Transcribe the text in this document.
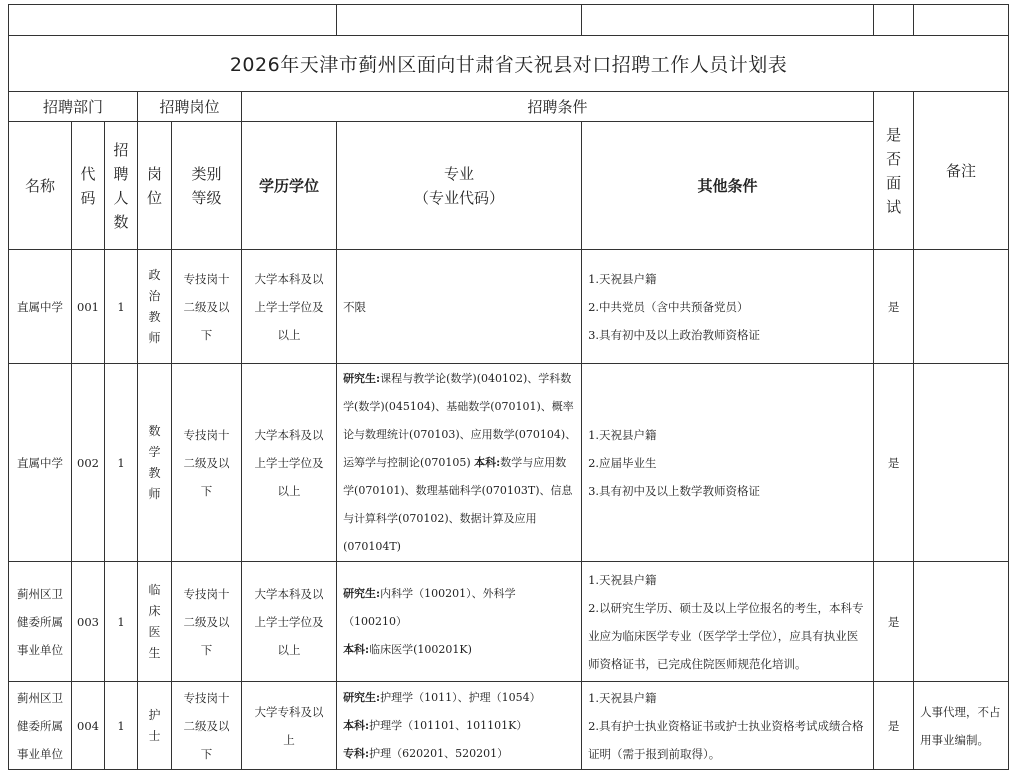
2026年天津市蓟州区面向甘肃省天祝县对口招聘工作人员计划表									
招聘部门			招聘岗位		招聘条件			是否面试	备注
名称	代码	招聘人数	岗位	类别等级	学历学位	专业
（专业代码）	其他条件		
直属中学	001	1	政治教师	专技岗十二级及以下	大学本科及以上学士学位及以上	不限	1.天祝县户籍
2.中共党员（含中共预备党员）
3.具有初中及以上政治教师资格证	是	
直属中学	002	1	数学教师	专技岗十二级及以下	大学本科及以上学士学位及以上	研究生:课程与教学论(数学)(040102)、学科数学(数学)(045104)、基础数学(070101)、概率论与数理统计(070103)、应用数学(070104)、运筹学与控制论(070105) 本科:数学与应用数学(070101)、数理基础科学(070103T)、信息与计算科学(070102)、数据计算及应用(070104T)	1.天祝县户籍
2.应届毕业生
3.具有初中及以上数学教师资格证	是	
蓟州区卫健委所属事业单位	003	1	临床医生	专技岗十二级及以下	大学本科及以上学士学位及以上	研究生:内科学（100201）、外科学（100210）
本科:临床医学(100201K)	1.天祝县户籍
2.以研究生学历、硕士及以上学位报名的考生，本科专业应为临床医学专业（医学学士学位），应具有执业医师资格证书，已完成住院医师规范化培训。	是	
蓟州区卫健委所属事业单位	004	1	护士	专技岗十二级及以下	大学专科及以上	研究生:护理学（1011）、护理（1054）
本科:护理学（101101、101101K）
专科:护理（620201、520201）	1.天祝县户籍
2.具有护士执业资格证书或护士执业资格考试成绩合格证明（需于报到前取得）。	是	人事代理，不占用事业编制。
